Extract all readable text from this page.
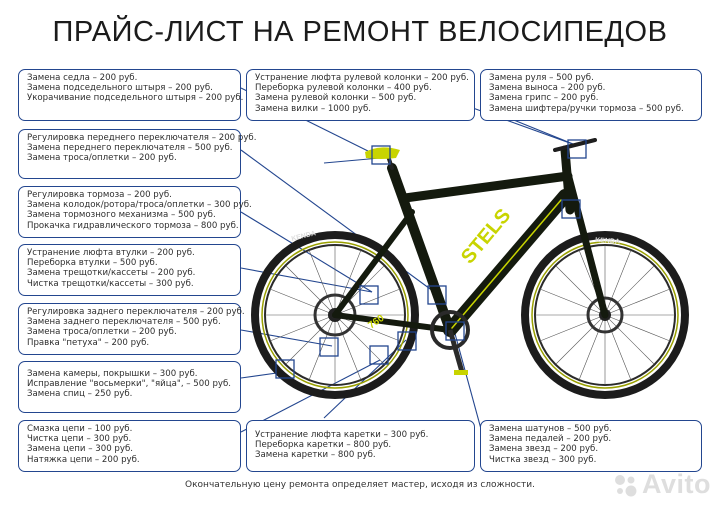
ПРАЙС-ЛИСТ НА РЕМОНТ ВЕЛОСИПЕДОВ
STELS
760
KENDA	KENDA
Замена седла – 200 руб.
Замена подседельного штыря – 200 руб.
Укорачивание подседельного штыря – 200 руб.
Устранение люфта рулевой колонки – 200 руб.
Переборка рулевой колонки – 400 руб.
Замена рулевой колонки – 500 руб.
Замена вилки – 1000 руб.
Замена руля – 500 руб.
Замена выноса – 200 руб.
Замена грипс – 200 руб.
Замена шифтера/ручки тормоза – 500 руб.
Регулировка переднего переключателя – 200 руб.
Замена переднего переключателя – 500 руб.
Замена троса/оплетки – 200 руб.
Регулировка тормоза – 200 руб.
Замена колодок/ротора/троса/оплетки – 300 руб.
Замена тормозного механизма – 500 руб.
Прокачка гидравлического тормоза – 800 руб.
Устранение люфта втулки – 200 руб.
Переборка втулки – 500 руб.
Замена трещотки/кассеты – 200 руб.
Чистка трещотки/кассеты – 300 руб.
Регулировка заднего переключателя – 200 руб.
Замена заднего переключателя – 500 руб.
Замена троса/оплетки – 200 руб.
Правка "петуха" – 200 руб.
Замена камеры, покрышки – 300 руб.
Исправление "восьмерки", "яйца", – 500 руб.
Замена спиц – 250 руб.
Смазка цепи – 100 руб.
Чистка цепи – 300 руб.
Замена цепи – 300 руб.
Натяжка цепи – 200 руб.
Устранение люфта каретки – 300 руб.
Переборка каретки – 800 руб.
Замена каретки – 800 руб.
Замена шатунов – 500 руб.
Замена педалей – 200 руб.
Замена звезд – 200 руб.
Чистка звезд – 300 руб.
Окончательную цену ремонта определяет мастер, исходя из сложности.	Avito
